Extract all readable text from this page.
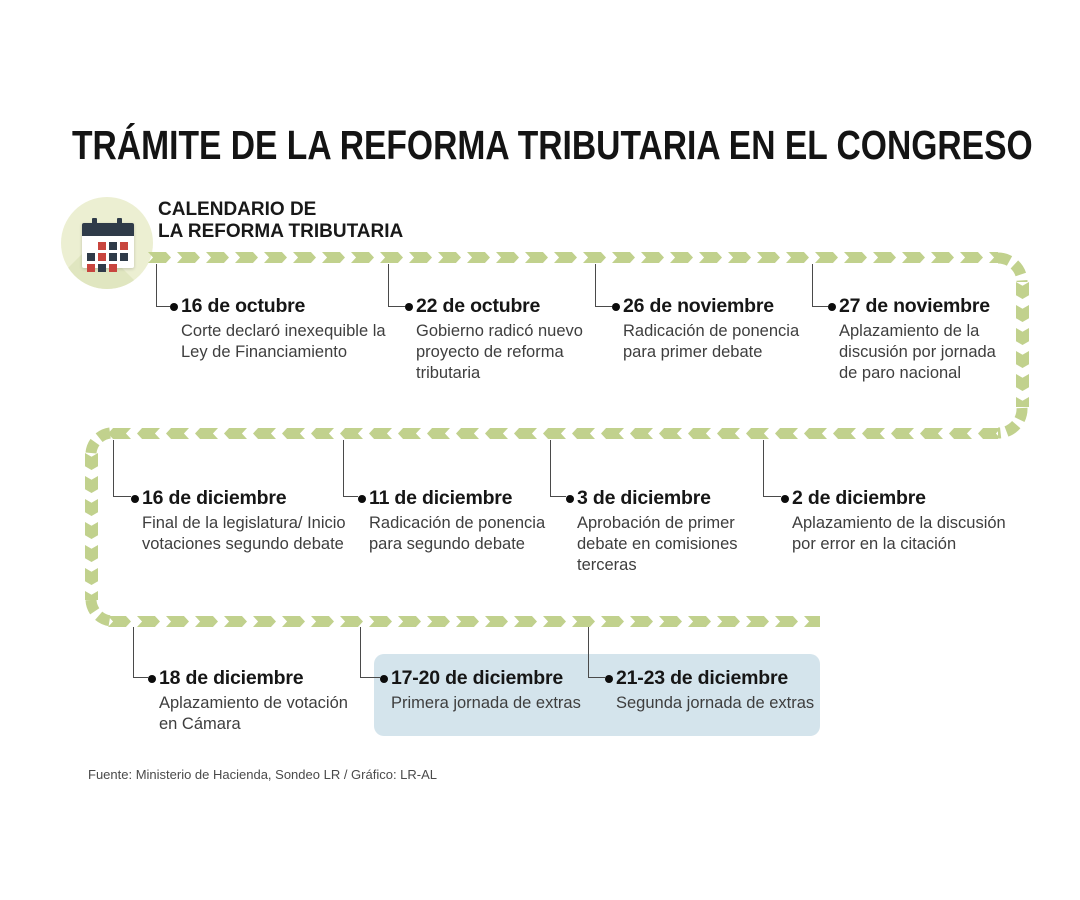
TRÁMITE DE LA REFORMA TRIBUTARIA EN EL CONGRESO
CALENDARIO DE
LA REFORMA TRIBUTARIA
16 de octubre
Corte declaró inexequible la Ley de Financiamiento
22 de octubre
Gobierno radicó nuevo proyecto de reforma tributaria
26 de noviembre
Radicación de ponencia para primer debate
27 de noviembre
Aplazamiento de la discusión por jornada de paro nacional
16 de diciembre
Final de la legislatura/ Inicio votaciones segundo debate
11 de diciembre
Radicación de ponencia para segundo debate
3 de diciembre
Aprobación de primer debate en comisiones terceras
2 de diciembre
Aplazamiento de la discusión por error en la citación
18 de diciembre
Aplazamiento de votación en Cámara
17-20 de diciembre
Primera jornada de extras
21-23 de diciembre
Segunda jornada de extras
Fuente: Ministerio de Hacienda, Sondeo LR / Gráfico: LR-AL
